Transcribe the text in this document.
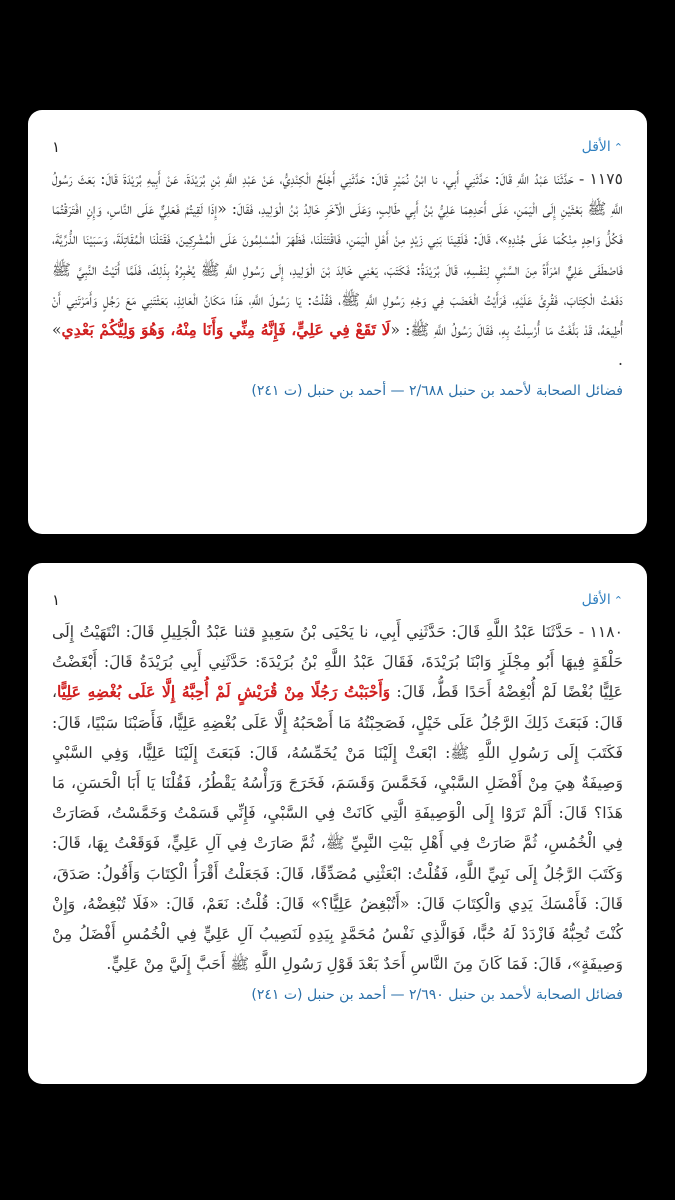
١	الأقل ⌃
١١٧٥ - حَدَّثَنَا عَبْدُ اللَّهِ قَالَ: حَدَّثَنِي أَبِي، نا ابْنُ نُمَيْرٍ قَالَ: حَدَّثَنِي أَجْلَحُ الْكِنْدِيُّ، عَنْ عَبْدِ اللَّهِ بْنِ بُرَيْدَةَ، عَنْ أَبِيهِ بُرَيْدَةَ قَالَ: بَعَثَ رَسُولُ اللَّهِ ﷺ بَعْثَيْنِ إِلَى الْيَمَنِ، عَلَى أَحَدِهِمَا عَلِيُّ بْنُ أَبِي طَالِبٍ، وَعَلَى الْآخَرِ خَالِدُ بْنُ الْوَلِيدِ، فَقَالَ: «إِذَا لَقِيتُمْ فَعَلِيٌّ عَلَى النَّاسِ، وَإِنِ افْتَرَقْتُمَا فَكُلُّ وَاحِدٍ مِنْكُمَا عَلَى جُنْدِهِ»، قَالَ: فَلَقِينَا بَنِي زَيْدٍ مِنْ أَهْلِ الْيَمَنِ، فَاقْتَتَلْنَا، فَظَهَرَ الْمُسْلِمُونَ عَلَى الْمُشْرِكِينَ، فَقَتَلْنَا الْمُقَاتِلَةَ، وَسَبَيْنَا الذُّرِّيَّةَ، فَاصْطَفَى عَلِيٌّ امْرَأَةً مِنَ السَّبْيِ لِنَفْسِهِ، قَالَ بُرَيْدَةُ: فَكَتَبَ، يَعْنِي خَالِدَ بْنَ الْوَلِيدِ، إِلَى رَسُولِ اللَّهِ ﷺ يُخْبِرُهُ بِذَلِكَ، فَلَمَّا أَتَيْتُ النَّبِيَّ ﷺ دَفَعْتُ الْكِتَابَ، فَقُرِئَ عَلَيْهِ، فَرَأَيْتُ الْغَضَبَ فِي وَجْهِ رَسُولِ اللَّهِ ﷺ، فَقُلْتُ: يَا رَسُولَ اللَّهِ، هَذَا مَكَانُ الْعَائِذِ، بَعَثْتَنِي مَعَ رَجُلٍ وَأَمَرْتَنِي أَنْ أُطِيعَهُ، قَدْ بَلَّغْتُ مَا أُرْسِلْتُ بِهِ، فَقَالَ رَسُولُ اللَّهِ ﷺ: «لَا تَقَعْ فِي عَلِيٍّ، فَإِنَّهُ مِنِّي وَأَنَا مِنْهُ، وَهُوَ وَلِيُّكُمْ بَعْدِي» .
فضائل الصحابة لأحمد بن حنبل ٢/٦٨٨ — أحمد بن حنبل (ت ٢٤١)
١	الأقل ⌃
١١٨٠ - حَدَّثَنَا عَبْدُ اللَّهِ قَالَ: حَدَّثَنِي أَبِي، نا يَحْيَى بْنُ سَعِيدٍ قثنا عَبْدُ الْجَلِيلِ قَالَ: انْتَهَيْتُ إِلَى حَلْقَةٍ فِيهَا أَبُو مِجْلَزٍ وَابْنَا بُرَيْدَةَ، فَقَالَ عَبْدُ اللَّهِ بْنُ بُرَيْدَةَ: حَدَّثَنِي أَبِي بُرَيْدَةُ قَالَ: أَبْغَضْتُ عَلِيًّا بُغْضًا لَمْ أُبْغِضْهُ أَحَدًا قَطُّ، قَالَ: وَأَحْبَبْتُ رَجُلًا مِنْ قُرَيْشٍ لَمْ أُحِبَّهُ إِلَّا عَلَى بُغْضِهِ عَلِيًّا، قَالَ: فَبَعَثَ ذَلِكَ الرَّجُلُ عَلَى خَيْلٍ، فَصَحِبْتُهُ مَا أَصْحَبُهُ إِلَّا عَلَى بُغْضِهِ عَلِيًّا، فَأَصَبْنَا سَبْيًا، قَالَ: فَكَتَبَ إِلَى رَسُولِ اللَّهِ ﷺ: ابْعَثْ إِلَيْنَا مَنْ يُخَمِّسُهُ، قَالَ: فَبَعَثَ إِلَيْنَا عَلِيًّا، وَفِي السَّبْيِ وَصِيفَةٌ هِيَ مِنْ أَفْضَلِ السَّبْيِ، فَخَمَّسَ وَقَسَمَ، فَخَرَجَ وَرَأْسُهُ يَقْطُرُ، فَقُلْنَا يَا أَبَا الْحَسَنِ، مَا هَذَا؟ قَالَ: أَلَمْ تَرَوْا إِلَى الْوَصِيفَةِ الَّتِي كَانَتْ فِي السَّبْيِ، فَإِنِّي قَسَمْتُ وَخَمَّسْتُ، فَصَارَتْ فِي الْخُمُسِ، ثُمَّ صَارَتْ فِي أَهْلِ بَيْتِ النَّبِيِّ ﷺ، ثُمَّ صَارَتْ فِي آلِ عَلِيٍّ، فَوَقَعْتُ بِهَا، قَالَ: وَكَتَبَ الرَّجُلُ إِلَى نَبِيِّ اللَّهِ، فَقُلْتُ: ابْعَثْنِي مُصَدِّقًا، قَالَ: فَجَعَلْتُ أَقْرَأُ الْكِتَابَ وَأَقُولُ: صَدَقَ، قَالَ: فَأَمْسَكَ يَدِي وَالْكِتَابَ قَالَ: «أَتُبْغِضُ عَلِيًّا؟» قَالَ: قُلْتُ: نَعَمْ، قَالَ: «فَلَا تُبْغِضْهُ، وَإِنْ كُنْتَ تُحِبُّهُ فَازْدَدْ لَهُ حُبًّا، فَوَالَّذِي نَفْسُ مُحَمَّدٍ بِيَدِهِ لَنَصِيبُ آلِ عَلِيٍّ فِي الْخُمُسِ أَفْضَلُ مِنْ وَصِيفَةٍ»، قَالَ: فَمَا كَانَ مِنَ النَّاسِ أَحَدٌ بَعْدَ قَوْلِ رَسُولِ اللَّهِ ﷺ أَحَبَّ إِلَيَّ مِنْ عَلِيٍّ.
فضائل الصحابة لأحمد بن حنبل ٢/٦٩٠ — أحمد بن حنبل (ت ٢٤١)
